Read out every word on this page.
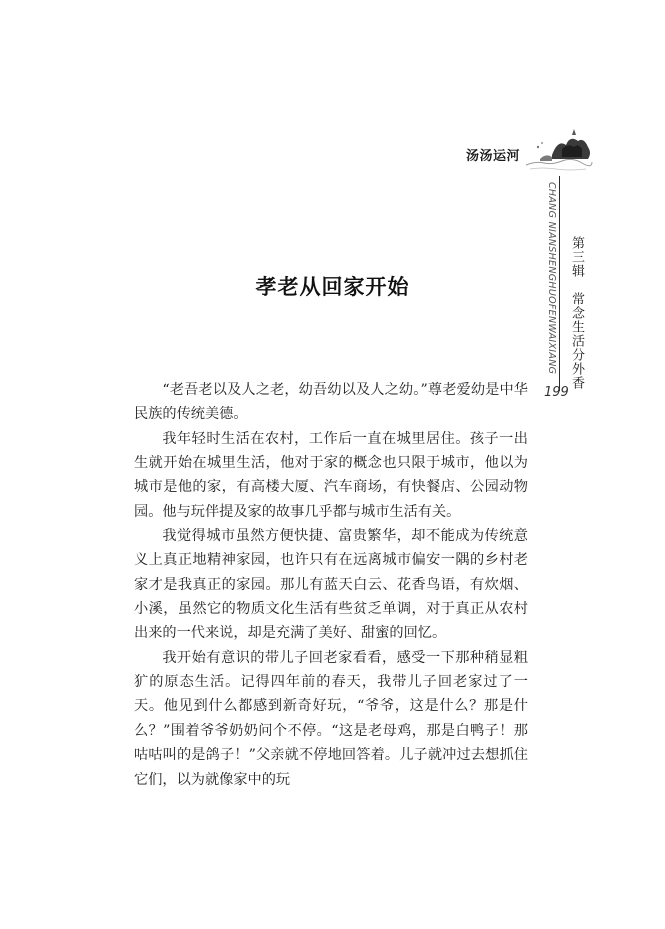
汤汤运河
CHANG NIANSHENGHUOFENWAIXIANG 第三辑　常念生活分外香
199
孝老从回家开始

“老吾老以及人之老，幼吾幼以及人之幼。”尊老爱幼是中华民族的传统美德。

我年轻时生活在农村，工作后一直在城里居住。孩子一出生就开始在城里生活，他对于家的概念也只限于城市，他以为城市是他的家，有高楼大厦、汽车商场，有快餐店、公园动物园。他与玩伴提及家的故事几乎都与城市生活有关。

我觉得城市虽然方便快捷、富贵繁华，却不能成为传统意义上真正地精神家园，也许只有在远离城市偏安一隅的乡村老家才是我真正的家园。那儿有蓝天白云、花香鸟语，有炊烟、小溪，虽然它的物质文化生活有些贫乏单调，对于真正从农村出来的一代来说，却是充满了美好、甜蜜的回忆。

我开始有意识的带儿子回老家看看，感受一下那种稍显粗犷的原态生活。记得四年前的春天，我带儿子回老家过了一天。他见到什么都感到新奇好玩，“爷爷，这是什么？那是什么？”围着爷爷奶奶问个不停。“这是老母鸡，那是白鸭子！那咕咕叫的是鸽子！”父亲就不停地回答着。儿子就冲过去想抓住它们，以为就像家中的玩
